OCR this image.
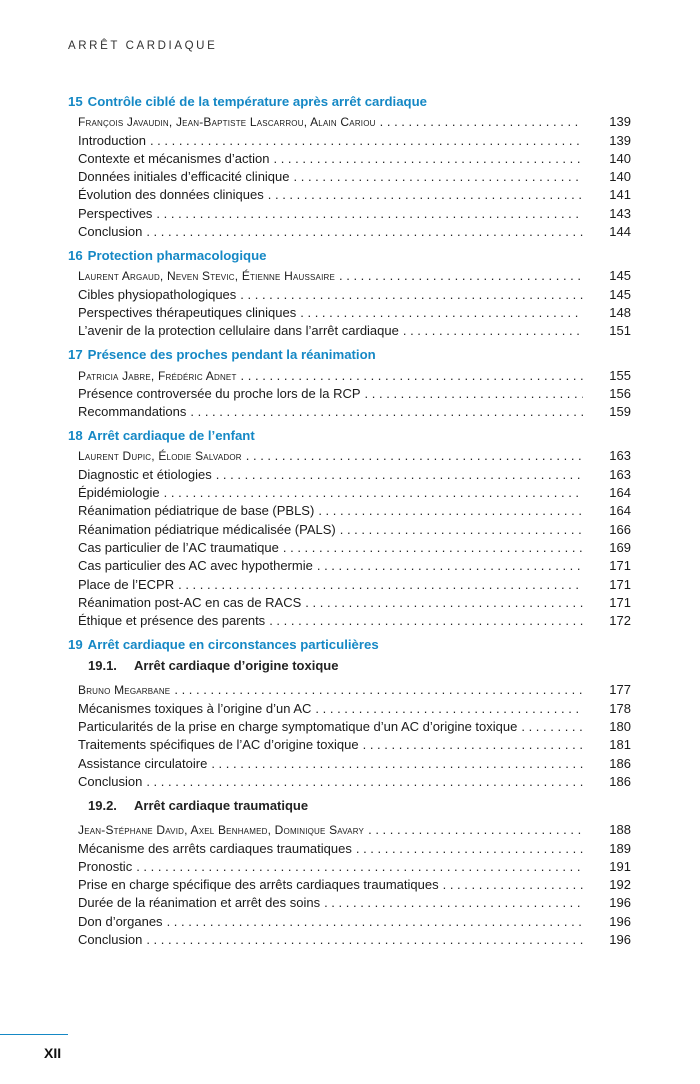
ARRÊT CARDIAQUE
15 Contrôle ciblé de la température après arrêt cardiaque
François Javaudin, Jean-Baptiste Lascarrou, Alain Cariou . . .	139
Introduction . . .	139
Contexte et mécanismes d’action . . .	140
Données initiales d’efficacité clinique . . .	140
Évolution des données cliniques . . .	141
Perspectives . . .	143
Conclusion . . .	144
16 Protection pharmacologique
Laurent Argaud, Neven Stevic, Étienne Haussaire . . .	145
Cibles physiopathologiques . . .	145
Perspectives thérapeutiques cliniques . . .	148
L’avenir de la protection cellulaire dans l’arrêt cardiaque . . .	151
17 Présence des proches pendant la réanimation
Patricia Jabre, Frédéric Adnet . . .	155
Présence controversée du proche lors de la RCP . . .	156
Recommandations . . .	159
18 Arrêt cardiaque de l’enfant
Laurent Dupic, Élodie Salvador . . .	163
Diagnostic et étiologies . . .	163
Épidémiologie . . .	164
Réanimation pédiatrique de base (PBLS) . . .	164
Réanimation pédiatrique médicalisée (PALS) . . .	166
Cas particulier de l’AC traumatique . . .	169
Cas particulier des AC avec hypothermie . . .	171
Place de l’ECPR . . .	171
Réanimation post-AC en cas de RACS . . .	171
Éthique et présence des parents . . .	172
19 Arrêt cardiaque en circonstances particulières
19.1. Arrêt cardiaque d’origine toxique
Bruno Megarbane . . .	177
Mécanismes toxiques à l’origine d’un AC . . .	178
Particularités de la prise en charge symptomatique d’un AC d’origine toxique . . .	180
Traitements spécifiques de l’AC d’origine toxique . . .	181
Assistance circulatoire . . .	186
Conclusion . . .	186
19.2. Arrêt cardiaque traumatique
Jean-Stéphane David, Axel Benhamed, Dominique Savary . . .	188
Mécanisme des arrêts cardiaques traumatiques . . .	189
Pronostic . . .	191
Prise en charge spécifique des arrêts cardiaques traumatiques . . .	192
Durée de la réanimation et arrêt des soins . . .	196
Don d’organes . . .	196
Conclusion . . .	196
XII
